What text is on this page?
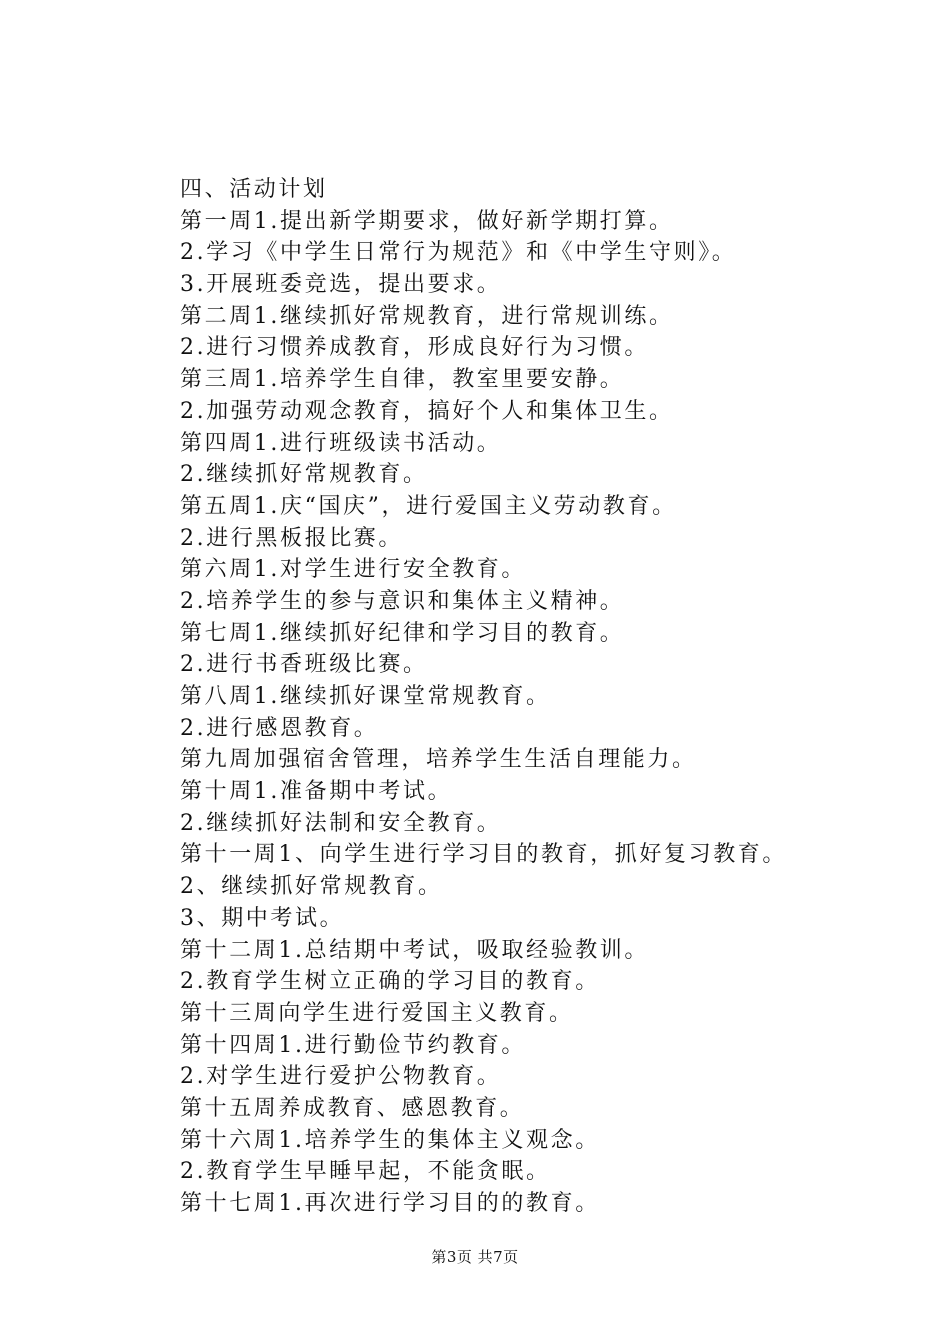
四、活动计划
第一周1.提出新学期要求，做好新学期打算。
2.学习《中学生日常行为规范》和《中学生守则》。
3.开展班委竞选，提出要求。
第二周1.继续抓好常规教育，进行常规训练。
2.进行习惯养成教育，形成良好行为习惯。
第三周1.培养学生自律，教室里要安静。
2.加强劳动观念教育，搞好个人和集体卫生。
第四周1.进行班级读书活动。
2.继续抓好常规教育。
第五周1.庆“国庆”，进行爱国主义劳动教育。
2.进行黑板报比赛。
第六周1.对学生进行安全教育。
2.培养学生的参与意识和集体主义精神。
第七周1.继续抓好纪律和学习目的教育。
2.进行书香班级比赛。
第八周1.继续抓好课堂常规教育。
2.进行感恩教育。
第九周加强宿舍管理，培养学生生活自理能力。
第十周1.准备期中考试。
2.继续抓好法制和安全教育。
第十一周1、向学生进行学习目的教育，抓好复习教育。
2、继续抓好常规教育。
3、期中考试。
第十二周1.总结期中考试，吸取经验教训。
2.教育学生树立正确的学习目的教育。
第十三周向学生进行爱国主义教育。
第十四周1.进行勤俭节约教育。
2.对学生进行爱护公物教育。
第十五周养成教育、感恩教育。
第十六周1.培养学生的集体主义观念。
2.教育学生早睡早起，不能贪眠。
第十七周1.再次进行学习目的的教育。
第3页 共7页
